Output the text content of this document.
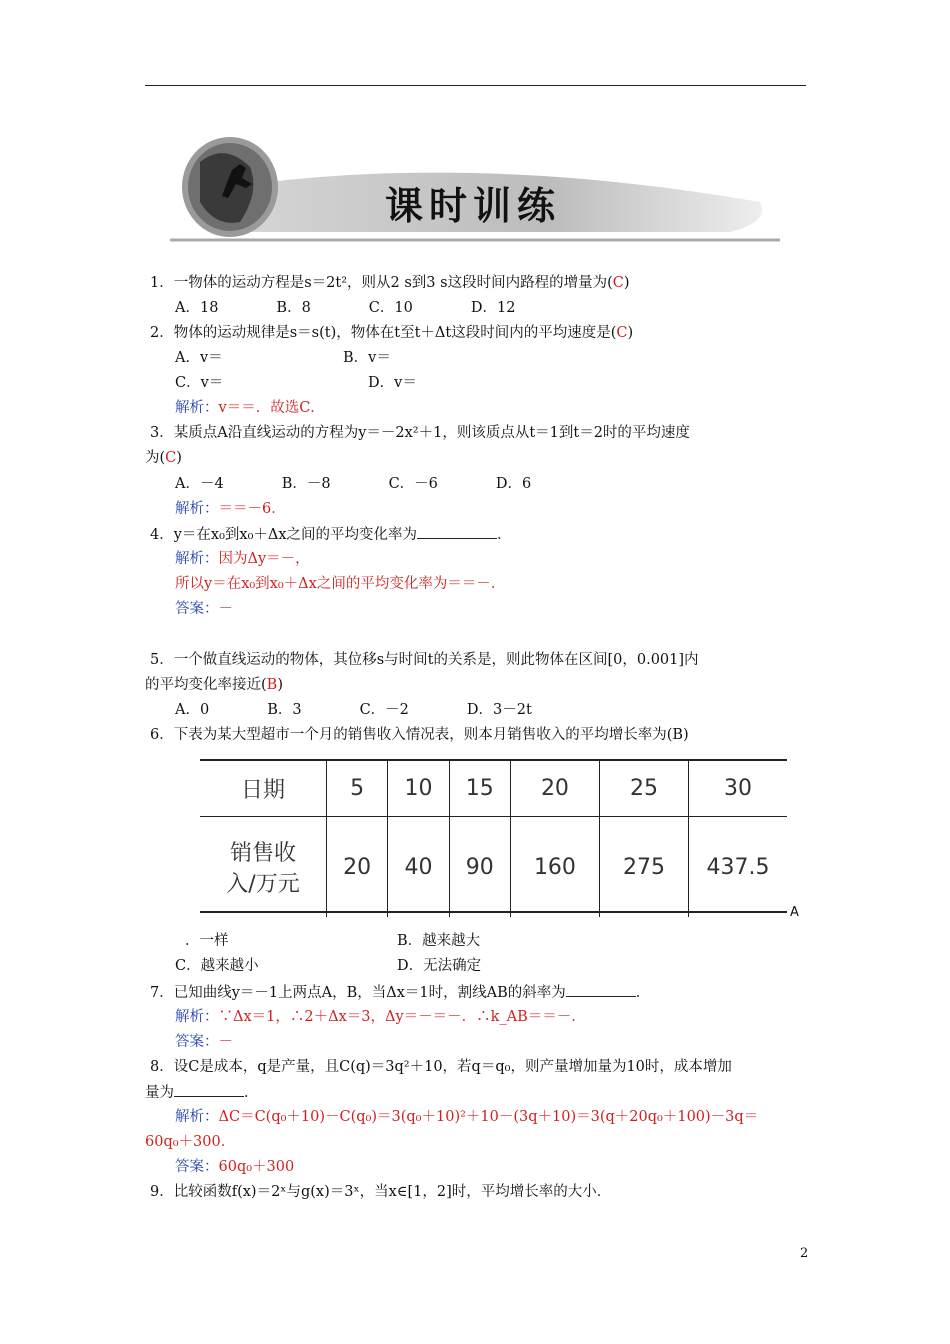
课时训练
1．一物体的运动方程是s＝2t²，则从2 s到3 s这段时间内路程的增量为(C)
A．18　　　　B．8　　　　C．10　　　　D．12
2．物体的运动规律是s＝s(t)，物体在t至t＋Δt这段时间内的平均速度是(C)
A．v＝	B．v＝
C．v＝	D．v＝
解析：v＝＝．故选C．
3．某质点A沿直线运动的方程为y＝－2x²＋1，则该质点从t＝1到t＝2时的平均速度
为(C)
A．－4　　　　B．－8　　　　C．－6　　　　D．6
解析：＝＝－6．
4．y＝在x₀到x₀＋Δx之间的平均变化率为	．
解析：因为Δy＝－，
所以y＝在x₀到x₀＋Δx之间的平均变化率为＝＝－．
答案：－
5．一个做直线运动的物体，其位移s与时间t的关系是，则此物体在区间[0，0.001]内
的平均变化率接近(B)
A．0　　　　B．3　　　　C．－2　　　　D．3－2t
6．下表为某大型超市一个月的销售收入情况表，则本月销售收入的平均增长率为(B)
日期	5	10	15	20	25	30
销售收
入/万元	20	40	90	160	275	437.5
A
．一样	B．越来越大
C．越来越小	D．无法确定
7．已知曲线y＝－1上两点A，B，当Δx＝1时，割线AB的斜率为	．
解析：∵Δx＝1，∴2＋Δx＝3，Δy＝－＝－．∴k_AB＝＝－．
答案：－
8．设C是成本，q是产量，且C(q)＝3q²＋10，若q＝q₀，则产量增加量为10时，成本增加
量为	．
解析：ΔC＝C(q₀＋10)－C(q₀)＝3(q₀＋10)²＋10－(3q＋10)＝3(q＋20q₀＋100)－3q＝
60q₀＋300．
答案：60q₀＋300
9．比较函数f(x)＝2ˣ与g(x)＝3ˣ，当x∈[1，2]时，平均增长率的大小．
2
